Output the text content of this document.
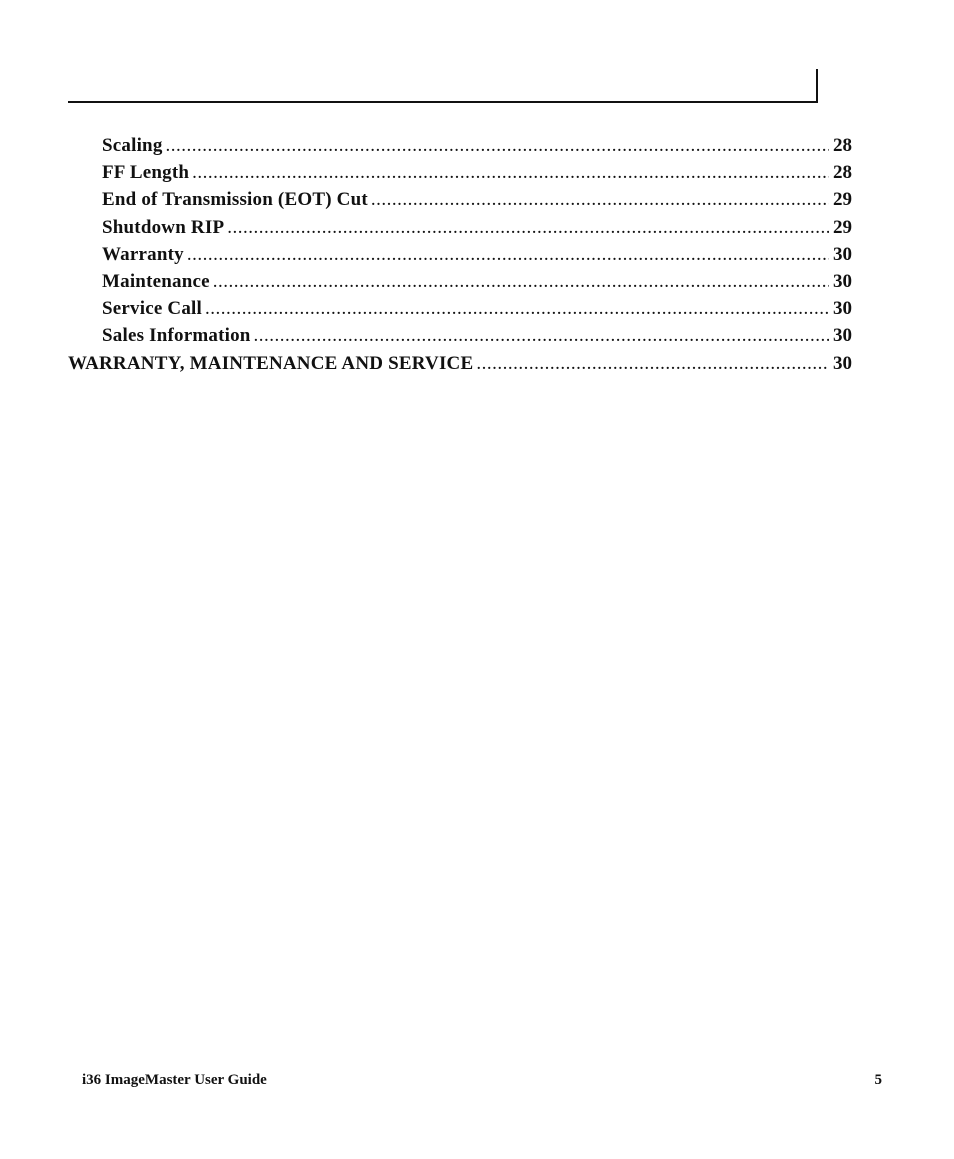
Scaling .....	28
FF Length .....	28
End of Transmission (EOT) Cut .....	29
Shutdown RIP .....	29
Warranty .....	30
Maintenance .....	30
Service Call .....	30
Sales Information .....	30
WARRANTY, MAINTENANCE AND SERVICE .....	30
i36 ImageMaster User Guide	5
